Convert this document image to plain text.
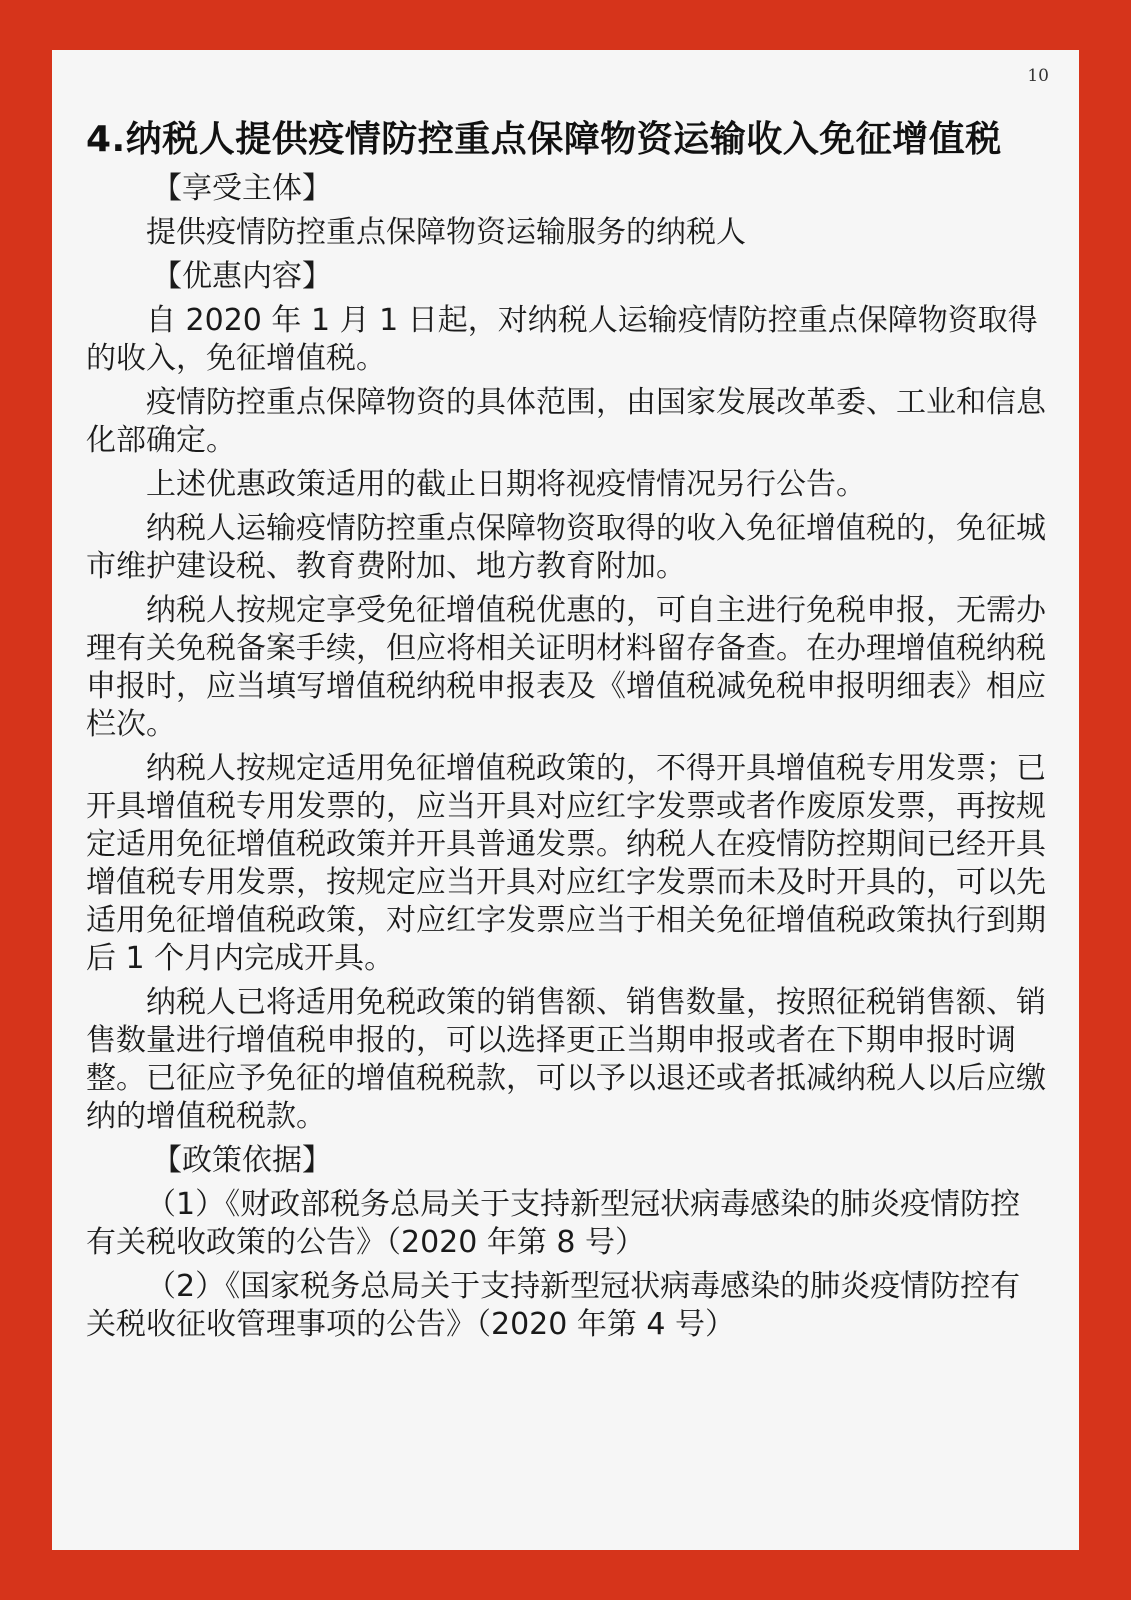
10
4.纳税人提供疫情防控重点保障物资运输收入免征增值税

【享受主体】

提供疫情防控重点保障物资运输服务的纳税人

【优惠内容】

自 2020 年 1 月 1 日起，对纳税人运输疫情防控重点保障物资取得的收入，免征增值税。

疫情防控重点保障物资的具体范围，由国家发展改革委、工业和信息化部确定。

上述优惠政策适用的截止日期将视疫情情况另行公告。

纳税人运输疫情防控重点保障物资取得的收入免征增值税的，免征城市维护建设税、教育费附加、地方教育附加。

纳税人按规定享受免征增值税优惠的，可自主进行免税申报，无需办理有关免税备案手续，但应将相关证明材料留存备查。在办理增值税纳税申报时，应当填写增值税纳税申报表及《增值税减免税申报明细表》相应栏次。

纳税人按规定适用免征增值税政策的，不得开具增值税专用发票；已开具增值税专用发票的，应当开具对应红字发票或者作废原发票，再按规定适用免征增值税政策并开具普通发票。纳税人在疫情防控期间已经开具增值税专用发票，按规定应当开具对应红字发票而未及时开具的，可以先适用免征增值税政策，对应红字发票应当于相关免征增值税政策执行到期后 1 个月内完成开具。

纳税人已将适用免税政策的销售额、销售数量，按照征税销售额、销售数量进行增值税申报的，可以选择更正当期申报或者在下期申报时调整。已征应予免征的增值税税款，可以予以退还或者抵减纳税人以后应缴纳的增值税税款。

【政策依据】

（1）《财政部税务总局关于支持新型冠状病毒感染的肺炎疫情防控有关税收政策的公告》（2020 年第 8 号）

（2）《国家税务总局关于支持新型冠状病毒感染的肺炎疫情防控有关税收征收管理事项的公告》（2020 年第 4 号）
